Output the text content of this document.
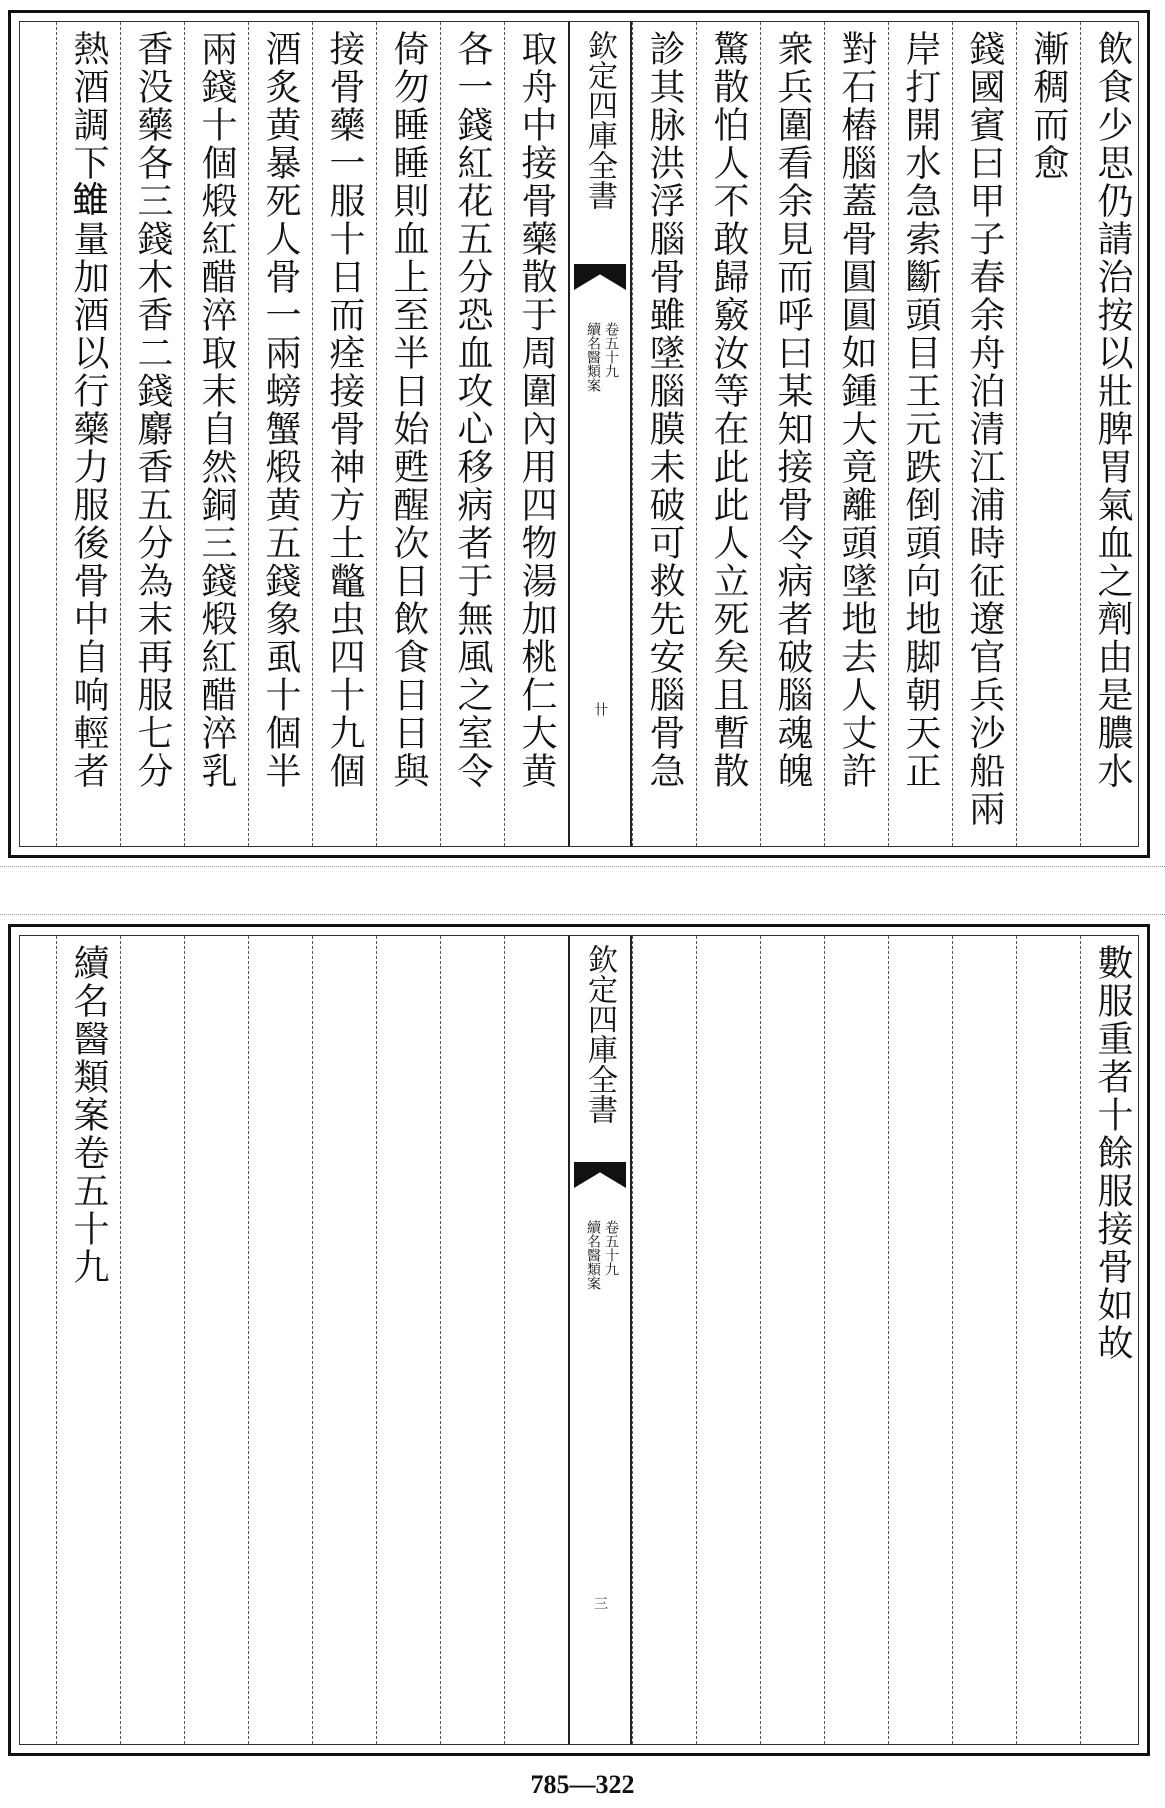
飲食少思仍請治按以壯脾胃氣血之劑由是膿水
漸稠而愈
錢國賓曰甲子春余舟泊清江浦時征遼官兵沙船兩
岸打開水急索斷頭目王元跌倒頭向地脚朝天正
對石樁腦蓋骨圓圓如鍾大竟離頭墜地去人丈許
衆兵圍看余見而呼曰某知接骨令病者破腦魂魄
驚散怕人不敢歸竅汝等在此此人立死矣且暫散
診其脉洪浮腦骨雖墜腦膜未破可救先安腦骨急
欽定四庫全書
續名醫類案 卷五十九
卄
取舟中接骨藥散于周圍內用四物湯加桃仁大黄
各一錢紅花五分恐血攻心移病者于無風之室令
倚勿睡睡則血上至半日始甦醒次日飲食日日與
接骨藥一服十日而痊接骨神方土鼈虫四十九個
酒炙黄暴死人骨一兩螃蟹煅黄五錢象虱十個半
兩錢十個煅紅醋淬取末自然銅三錢煅紅醋淬乳
香没藥各三錢木香二錢麝香五分為末再服七分
熱酒調下𨿽量加酒以行藥力服後骨中自响輕者
數服重者十餘服接骨如故
欽定四庫全書
續名醫類案 卷五十九
三
續名醫類案卷五十九
785—322
